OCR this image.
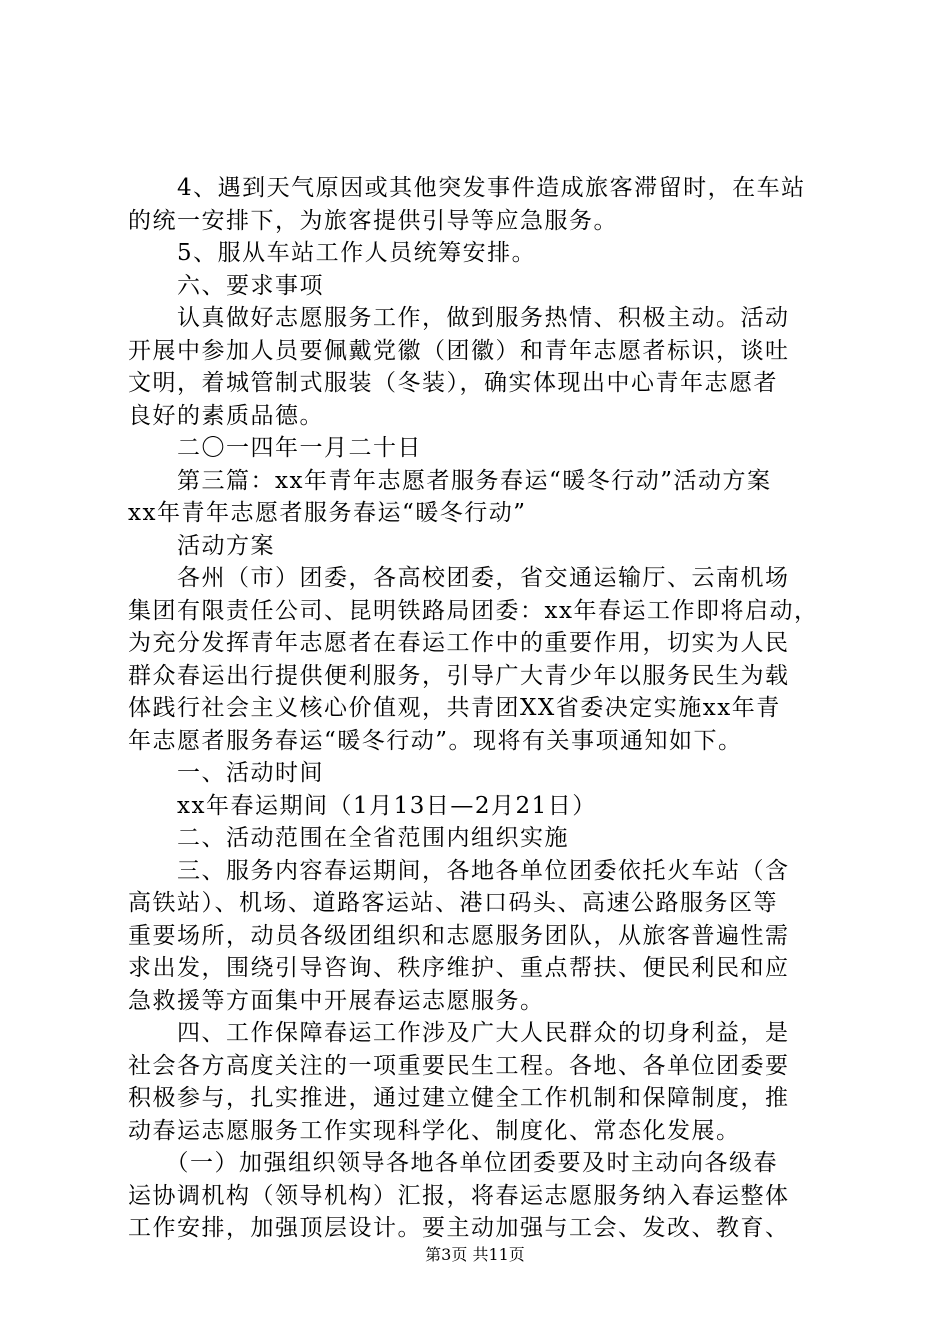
　　4、遇到天气原因或其他突发事件造成旅客滞留时，在车站
的统一安排下，为旅客提供引导等应急服务。
　　5、服从车站工作人员统筹安排。
　　六、要求事项
　　认真做好志愿服务工作，做到服务热情、积极主动。活动
开展中参加人员要佩戴党徽（团徽）和青年志愿者标识，谈吐
文明，着城管制式服装（冬装），确实体现出中心青年志愿者
良好的素质品德。
　　二〇一四年一月二十日
　　第三篇：xx年青年志愿者服务春运“暖冬行动”活动方案
xx年青年志愿者服务春运“暖冬行动”
　　活动方案
　　各州（市）团委，各高校团委，省交通运输厅、云南机场
集团有限责任公司、昆明铁路局团委：xx年春运工作即将启动，
为充分发挥青年志愿者在春运工作中的重要作用，切实为人民
群众春运出行提供便利服务，引导广大青少年以服务民生为载
体践行社会主义核心价值观，共青团XX省委决定实施xx年青
年志愿者服务春运“暖冬行动”。现将有关事项通知如下。
　　一、活动时间
　　xx年春运期间（1月13日—2月21日）
　　二、活动范围在全省范围内组织实施
　　三、服务内容春运期间，各地各单位团委依托火车站（含
高铁站）、机场、道路客运站、港口码头、高速公路服务区等
重要场所，动员各级团组织和志愿服务团队，从旅客普遍性需
求出发，围绕引导咨询、秩序维护、重点帮扶、便民利民和应
急救援等方面集中开展春运志愿服务。
　　四、工作保障春运工作涉及广大人民群众的切身利益，是
社会各方高度关注的一项重要民生工程。各地、各单位团委要
积极参与，扎实推进，通过建立健全工作机制和保障制度，推
动春运志愿服务工作实现科学化、制度化、常态化发展。
　　（一）加强组织领导各地各单位团委要及时主动向各级春
运协调机构（领导机构）汇报，将春运志愿服务纳入春运整体
工作安排，加强顶层设计。要主动加强与工会、发改、教育、
第3页 共11页
